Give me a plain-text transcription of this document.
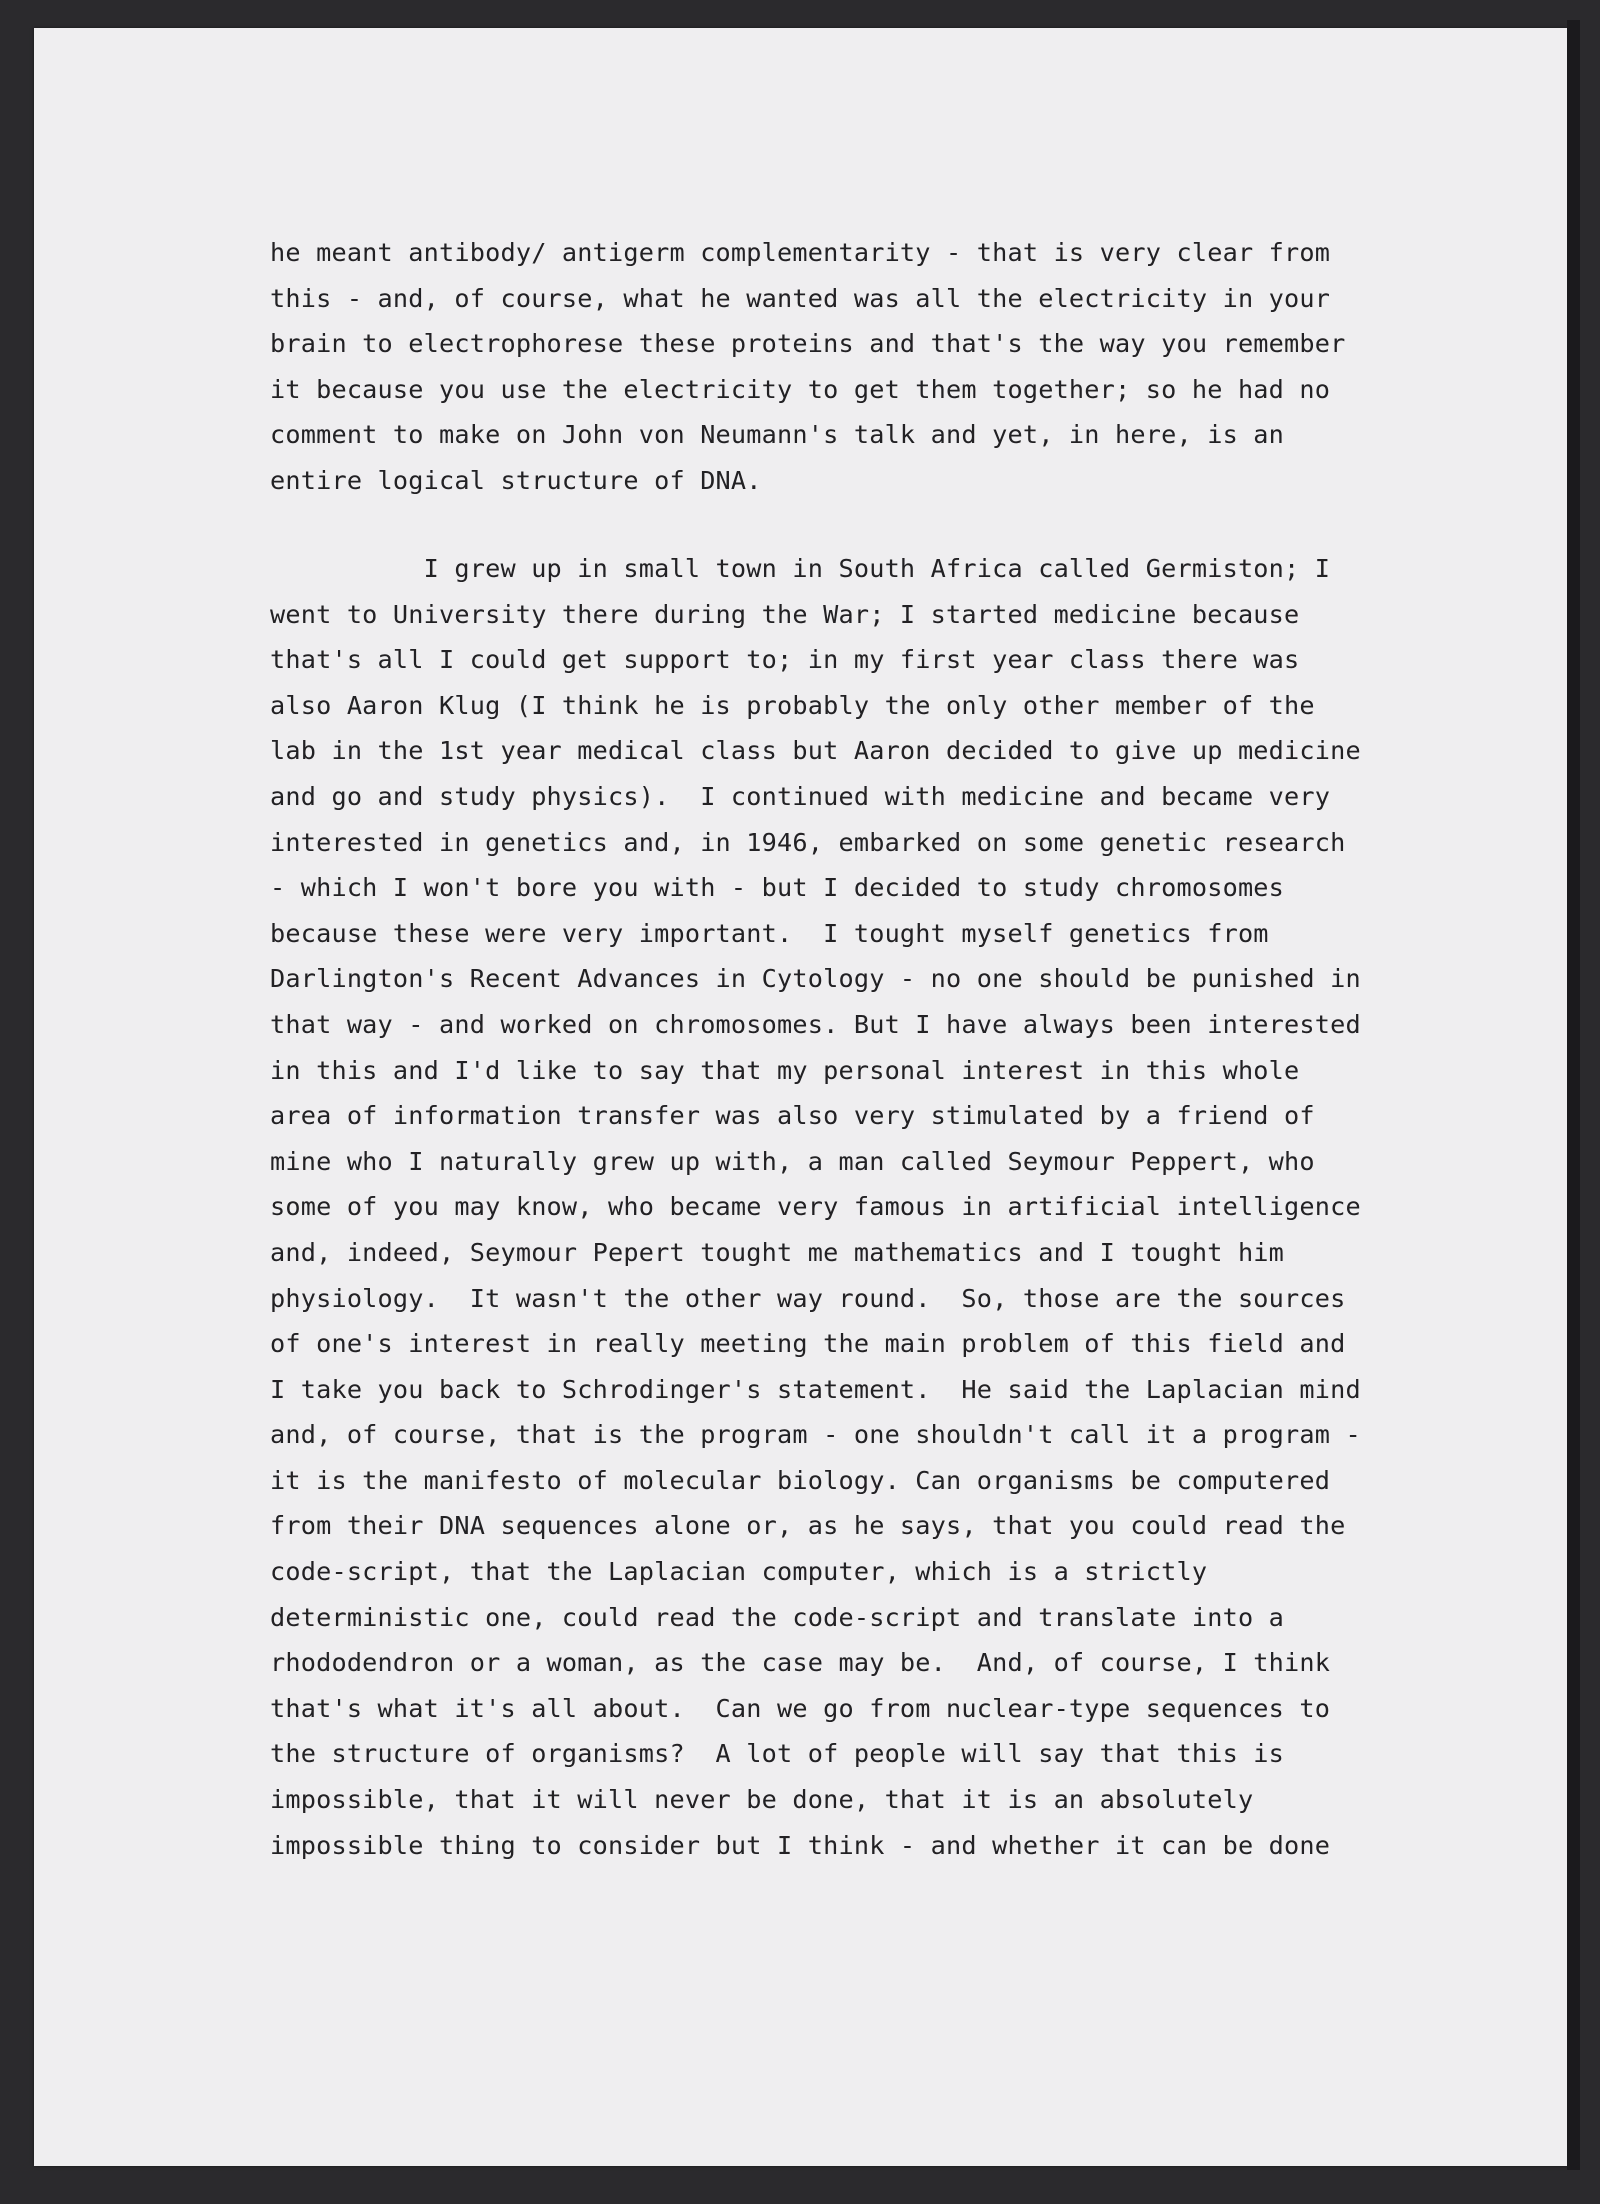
he meant antibody/ antigerm complementarity - that is very clear from
this - and, of course, what he wanted was all the electricity in your
brain to electrophorese these proteins and that's the way you remember
it because you use the electricity to get them together; so he had no
comment to make on John von Neumann's talk and yet, in here, is an
entire logical structure of DNA.
I grew up in small town in South Africa called Germiston; I
went to University there during the War; I started medicine because
that's all I could get support to; in my first year class there was
also Aaron Klug (I think he is probably the only other member of the
lab in the 1st year medical class but Aaron decided to give up medicine
and go and study physics).  I continued with medicine and became very
interested in genetics and, in 1946, embarked on some genetic research
- which I won't bore you with - but I decided to study chromosomes
because these were very important.  I tought myself genetics from
Darlington's Recent Advances in Cytology - no one should be punished in
that way - and worked on chromosomes. But I have always been interested
in this and I'd like to say that my personal interest in this whole
area of information transfer was also very stimulated by a friend of
mine who I naturally grew up with, a man called Seymour Peppert, who
some of you may know, who became very famous in artificial intelligence
and, indeed, Seymour Pepert tought me mathematics and I tought him
physiology.  It wasn't the other way round.  So, those are the sources
of one's interest in really meeting the main problem of this field and
I take you back to Schrodinger's statement.  He said the Laplacian mind
and, of course, that is the program - one shouldn't call it a program -
it is the manifesto of molecular biology. Can organisms be computered
from their DNA sequences alone or, as he says, that you could read the
code-script, that the Laplacian computer, which is a strictly
deterministic one, could read the code-script and translate into a
rhododendron or a woman, as the case may be.  And, of course, I think
that's what it's all about.  Can we go from nuclear-type sequences to
the structure of organisms?  A lot of people will say that this is
impossible, that it will never be done, that it is an absolutely
impossible thing to consider but I think - and whether it can be done
